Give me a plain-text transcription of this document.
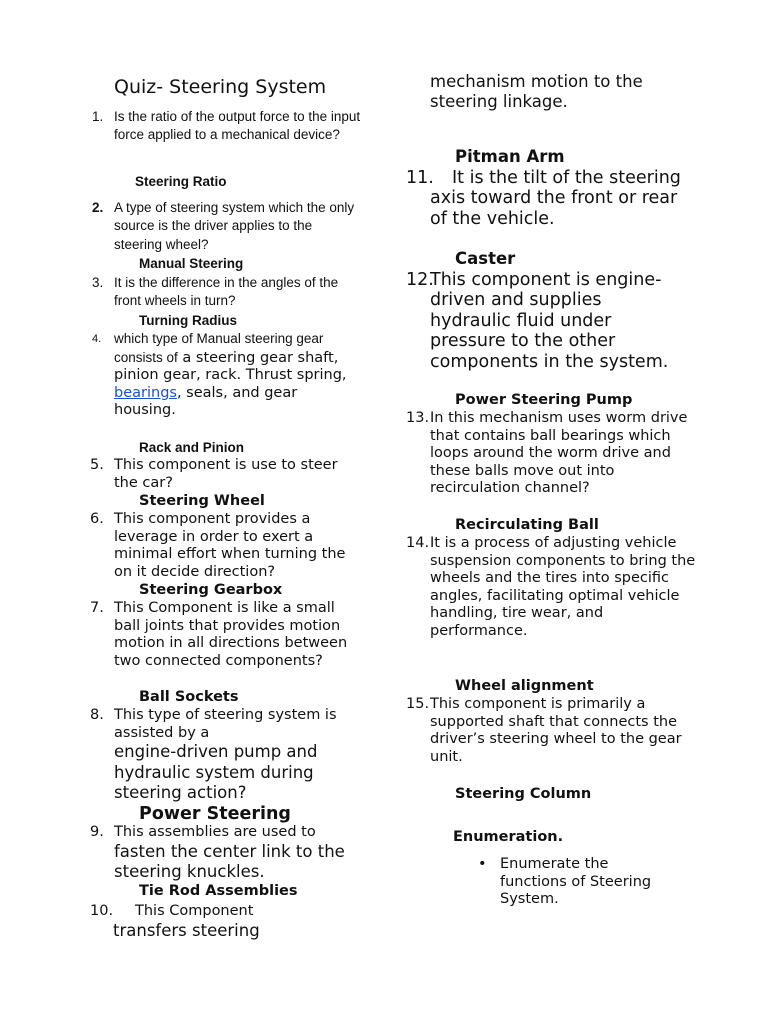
Quiz- Steering System
1. Is the ratio of the output force to the input force applied to a mechanical device?
Steering Ratio
2. A type of steering system which the only source is the driver applies to the steering wheel?
Manual Steering
3. It is the difference in the angles of the front wheels in turn?
Turning Radius
4. which type of Manual steering gear consists of a steering gear shaft, pinion gear, rack. Thrust spring, bearings, seals, and gear housing.
Rack and Pinion
5. This component is use to steer the car?
Steering Wheel
6. This component provides a leverage in order to exert a minimal effort when turning the on it decide direction?
Steering Gearbox
7. This Component is like a small ball joints that provides motion motion in all directions between two connected components?
Ball Sockets
8. This type of steering system is assisted by a
engine-driven pump and hydraulic system during steering action?
Power Steering
9. This assemblies are used to
fasten the center link to the steering knuckles.
Tie Rod Assemblies
10.	This Component
transfers steering
mechanism motion to the steering linkage.
Pitman Arm
11.	It is the tilt of the steering axis toward the front or rear of the vehicle.
Caster
12.
This component is engine-driven and supplies hydraulic fluid under pressure to the other components in the system.
Power Steering Pump
13. In this mechanism uses worm drive that contains ball bearings which loops around the worm drive and these balls move out into recirculation channel?
Recirculating Ball
14. It is a process of adjusting vehicle suspension components to bring the wheels and the tires into specific angles, facilitating optimal vehicle handling, tire wear, and performance.
Wheel alignment
15. This component is primarily a supported shaft that connects the driver’s steering wheel to the gear unit.
Steering Column
Enumeration.
• Enumerate the functions of Steering System.
